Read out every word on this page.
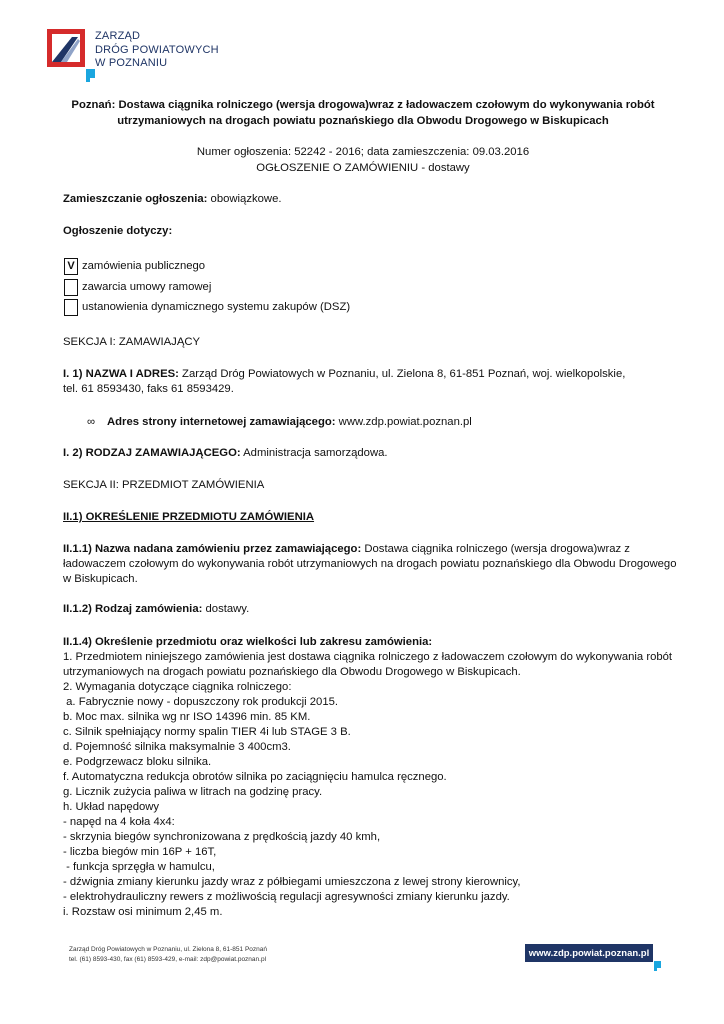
ZARZĄD
DRÓG POWIATOWYCH
W POZNANIU
Poznań: Dostawa ciągnika rolniczego (wersja drogowa)wraz z ładowaczem czołowym do wykonywania robót
utrzymaniowych na drogach powiatu poznańskiego dla Obwodu Drogowego w Biskupicach
Numer ogłoszenia: 52242 - 2016; data zamieszczenia: 09.03.2016
OGŁOSZENIE O ZAMÓWIENIU - dostawy
Zamieszczanie ogłoszenia: obowiązkowe.
Ogłoszenie dotyczy:
V zamówienia publicznego
zawarcia umowy ramowej
ustanowienia dynamicznego systemu zakupów (DSZ)
SEKCJA I: ZAMAWIAJĄCY
I. 1) NAZWA I ADRES: Zarząd Dróg Powiatowych w Poznaniu, ul. Zielona 8, 61-851 Poznań, woj. wielkopolskie,
tel. 61 8593430, faks 61 8593429.
∞ Adres strony internetowej zamawiającego: www.zdp.powiat.poznan.pl
I. 2) RODZAJ ZAMAWIAJĄCEGO: Administracja samorządowa.
SEKCJA II: PRZEDMIOT ZAMÓWIENIA
II.1) OKREŚLENIE PRZEDMIOTU ZAMÓWIENIA
II.1.1) Nazwa nadana zamówieniu przez zamawiającego: Dostawa ciągnika rolniczego (wersja drogowa)wraz z
ładowaczem czołowym do wykonywania robót utrzymaniowych na drogach powiatu poznańskiego dla Obwodu Drogowego
w Biskupicach.
II.1.2) Rodzaj zamówienia: dostawy.
II.1.4) Określenie przedmiotu oraz wielkości lub zakresu zamówienia:
1. Przedmiotem niniejszego zamówienia jest dostawa ciągnika rolniczego z ładowaczem czołowym do wykonywania robót
utrzymaniowych na drogach powiatu poznańskiego dla Obwodu Drogowego w Biskupicach.
2. Wymagania dotyczące ciągnika rolniczego:
a. Fabrycznie nowy - dopuszczony rok produkcji 2015.
b. Moc max. silnika wg nr ISO 14396 min. 85 KM.
c. Silnik spełniający normy spalin TIER 4i lub STAGE 3 B.
d. Pojemność silnika maksymalnie 3 400cm3.
e. Podgrzewacz bloku silnika.
f. Automatyczna redukcja obrotów silnika po zaciągnięciu hamulca ręcznego.
g. Licznik zużycia paliwa w litrach na godzinę pracy.
h. Układ napędowy
- napęd na 4 koła 4x4:
- skrzynia biegów synchronizowana z prędkością jazdy 40 kmh,
- liczba biegów min 16P + 16T,
- funkcja sprzęgła w hamulcu,
- dźwignia zmiany kierunku jazdy wraz z półbiegami umieszczona z lewej strony kierownicy,
- elektrohydrauliczny rewers z możliwością regulacji agresywności zmiany kierunku jazdy.
i. Rozstaw osi minimum 2,45 m.
Zarząd Dróg Powiatowych w Poznaniu, ul. Zielona 8, 61-851 Poznań
tel. (61) 8593-430, fax (61) 8593-429, e-mail: zdp@powiat.poznan.pl
www.zdp.powiat.poznan.pl
